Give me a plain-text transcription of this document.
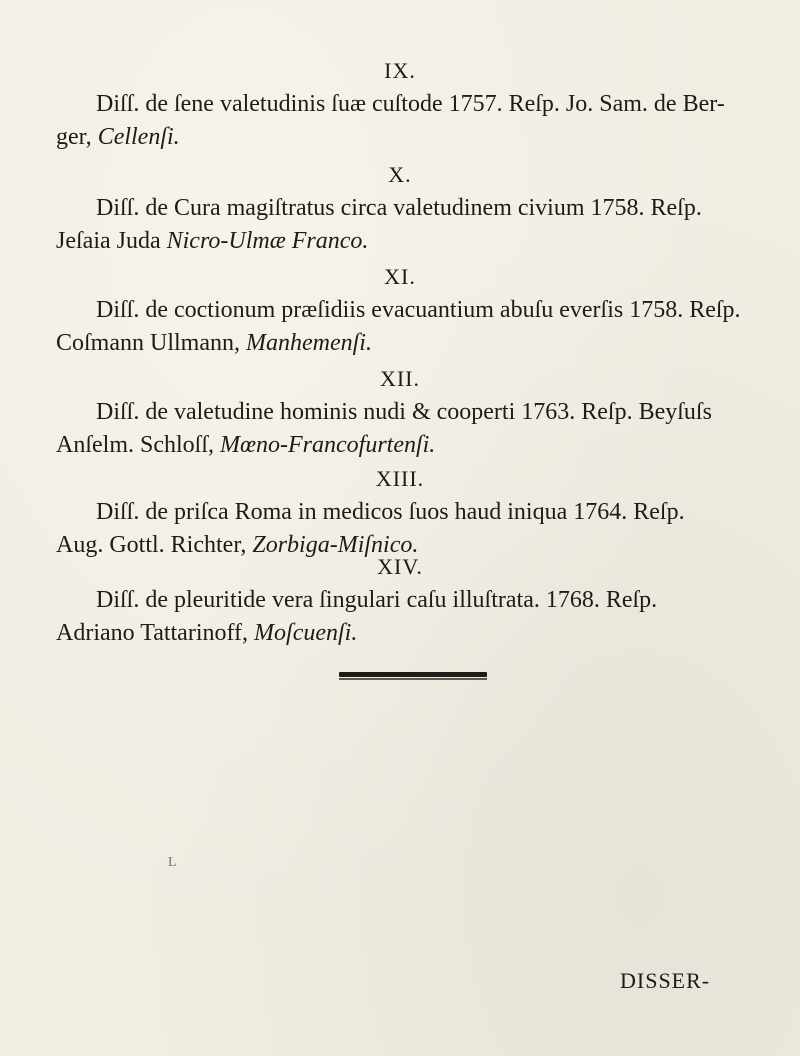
IX.
Diſſ. de ſene valetudinis ſuæ cuſtode 1757. Reſp. Jo. Sam. de Ber-
ger, Cellenſi.
X.
Diſſ. de Cura magiſtratus circa valetudinem civium 1758. Reſp.
Jeſaia Juda Nicro-Ulmæ Franco.
XI.
Diſſ. de coctionum præſidiis evacuantium abuſu everſis 1758. Reſp.
Coſmann Ullmann, Manhemenſi.
XII.
Diſſ. de valetudine hominis nudi & cooperti 1763. Reſp. Beyſuſs
Anſelm. Schloſſ, Mœno-Francofurtenſi.
XIII.
Diſſ. de priſca Roma in medicos ſuos haud iniqua 1764. Reſp.
Aug. Gottl. Richter, Zorbiga-Miſnico.
XIV.
Diſſ. de pleuritide vera ſingulari caſu illuſtrata. 1768. Reſp.
Adriano Tattarinoff, Moſcuenſi.
L
DISSER-
